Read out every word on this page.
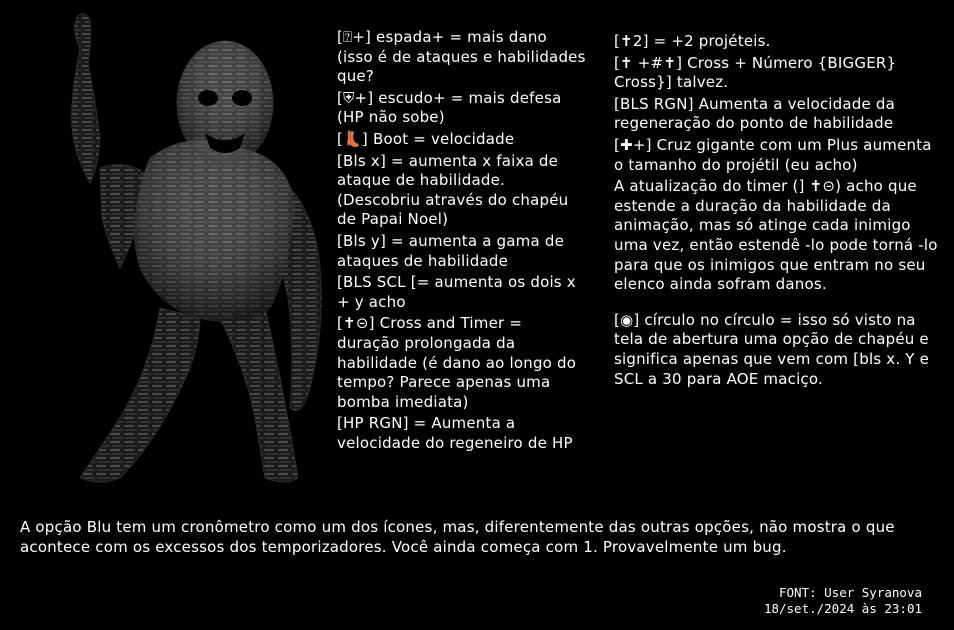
[⍰+] espada+ = mais dano (isso é de ataques e habilidades que?
[⛨+] escudo+ = mais defesa (HP não sobe)
[👢] Boot = velocidade
[Bls x] = aumenta x faixa de ataque de habilidade. (Descobriu através do chapéu de Papai Noel)
[Bls y] = aumenta a gama de ataques de habilidade
[BLS SCL [= aumenta os dois x + y acho
[✝⊝] Cross and Timer = duração prolongada da habilidade (é dano ao longo do tempo? Parece apenas uma bomba imediata)
[HP RGN] = Aumenta a velocidade do regeneiro de HP
[✝2] = +2 projéteis.
[✝ +#✝] Cross + Número {BIGGER} Cross}] talvez.
[BLS RGN] Aumenta a velocidade da regeneração do ponto de habilidade
[✚+] Cruz gigante com um Plus aumenta o tamanho do projétil (eu acho)
A atualização do timer (] ✝⊝) acho que estende a duração da habilidade da animação, mas só atinge cada inimigo uma vez, então estendê -lo pode torná -lo para que os inimigos que entram no seu elenco ainda sofram danos.
[◉] círculo no círculo = isso só visto na tela de abertura uma opção de chapéu e significa apenas que vem com [bls x. Y e SCL a 30 para AOE maciço.
A opção Blu tem um cronômetro como um dos ícones, mas, diferentemente das outras opções, não mostra o que acontece com os excessos dos temporizadores. Você ainda começa com 1. Provavelmente um bug.
FONT: User Syranova
18/set./2024 às 23:01
